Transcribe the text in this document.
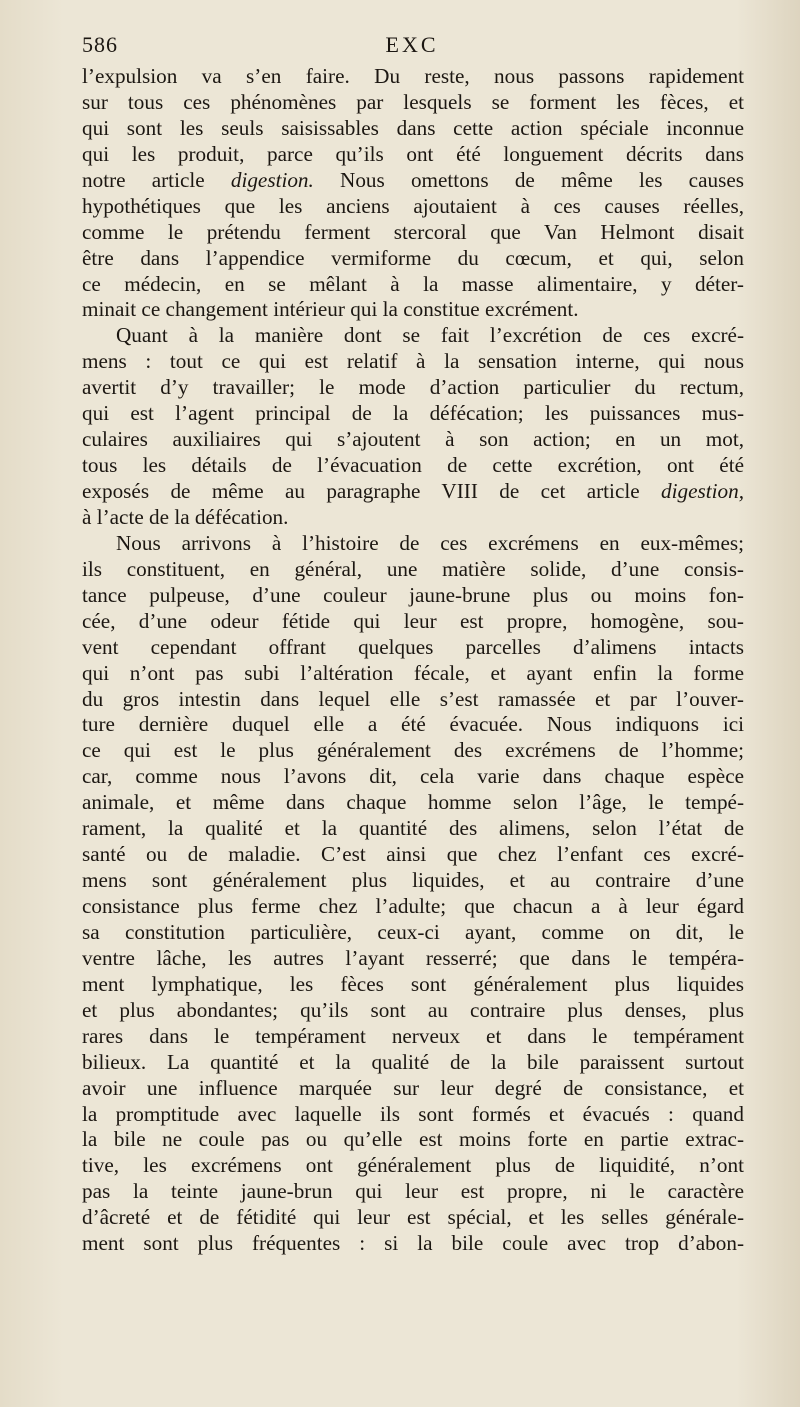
586	EXC
l’expulsion va s’en faire. Du reste, nous passons rapidement
sur tous ces phénomènes par lesquels se forment les fèces, et
qui sont les seuls saisissables dans cette action spéciale inconnue
qui les produit, parce qu’ils ont été longuement décrits dans
notre article digestion. Nous omettons de même les causes
hypothétiques que les anciens ajoutaient à ces causes réelles,
comme le prétendu ferment stercoral que Van Helmont disait
être dans l’appendice vermiforme du cœcum, et qui, selon
ce médecin, en se mêlant à la masse alimentaire, y déter-
minait ce changement intérieur qui la constitue excrément.
Quant à la manière dont se fait l’excrétion de ces excré-
mens : tout ce qui est relatif à la sensation interne, qui nous
avertit d’y travailler; le mode d’action particulier du rectum,
qui est l’agent principal de la défécation; les puissances mus-
culaires auxiliaires qui s’ajoutent à son action; en un mot,
tous les détails de l’évacuation de cette excrétion, ont été
exposés de même au paragraphe VIII de cet article digestion,
à l’acte de la défécation.
Nous arrivons à l’histoire de ces excrémens en eux-mêmes;
ils constituent, en général, une matière solide, d’une consis-
tance pulpeuse, d’une couleur jaune-brune plus ou moins fon-
cée, d’une odeur fétide qui leur est propre, homogène, sou-
vent cependant offrant quelques parcelles d’alimens intacts
qui n’ont pas subi l’altération fécale, et ayant enfin la forme
du gros intestin dans lequel elle s’est ramassée et par l’ouver-
ture dernière duquel elle a été évacuée. Nous indiquons ici
ce qui est le plus généralement des excrémens de l’homme;
car, comme nous l’avons dit, cela varie dans chaque espèce
animale, et même dans chaque homme selon l’âge, le tempé-
rament, la qualité et la quantité des alimens, selon l’état de
santé ou de maladie. C’est ainsi que chez l’enfant ces excré-
mens sont généralement plus liquides, et au contraire d’une
consistance plus ferme chez l’adulte; que chacun a à leur égard
sa constitution particulière, ceux-ci ayant, comme on dit, le
ventre lâche, les autres l’ayant resserré; que dans le tempéra-
ment lymphatique, les fèces sont généralement plus liquides
et plus abondantes; qu’ils sont au contraire plus denses, plus
rares dans le tempérament nerveux et dans le tempérament
bilieux. La quantité et la qualité de la bile paraissent surtout
avoir une influence marquée sur leur degré de consistance, et
la promptitude avec laquelle ils sont formés et évacués : quand
la bile ne coule pas ou qu’elle est moins forte en partie extrac-
tive, les excrémens ont généralement plus de liquidité, n’ont
pas la teinte jaune-brun qui leur est propre, ni le caractère
d’âcreté et de fétidité qui leur est spécial, et les selles générale-
ment sont plus fréquentes : si la bile coule avec trop d’abon-
